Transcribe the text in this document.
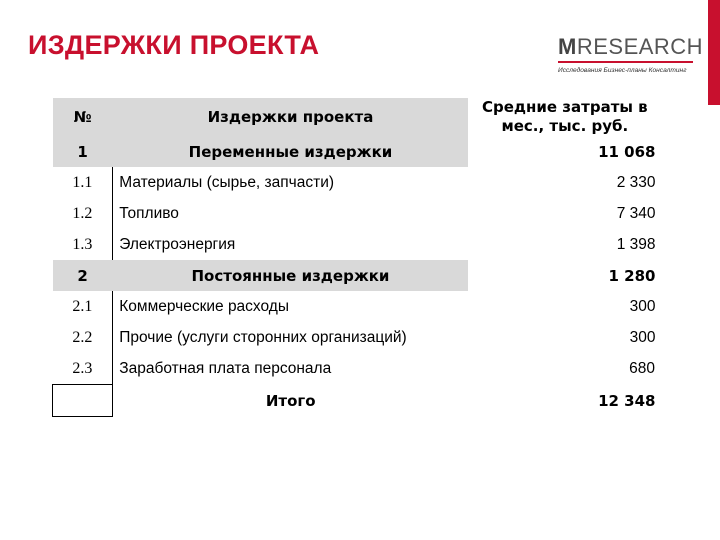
ИЗДЕРЖКИ ПРОЕКТА	MRESEARCH
Исследования Бизнес-планы Консалтинг
№	Издержки проекта	Средние затраты в мес., тыс. руб.
1	Переменные издержки	11 068
1.1	Материалы (сырье, запчасти)	2 330
1.2	Топливо	7 340
1.3	Электроэнергия	1 398
2	Постоянные издержки	1 280
2.1	Коммерческие расходы	300
2.2	Прочие (услуги сторонних организаций)	300
2.3	Заработная плата персонала	680
	Итого	12 348
